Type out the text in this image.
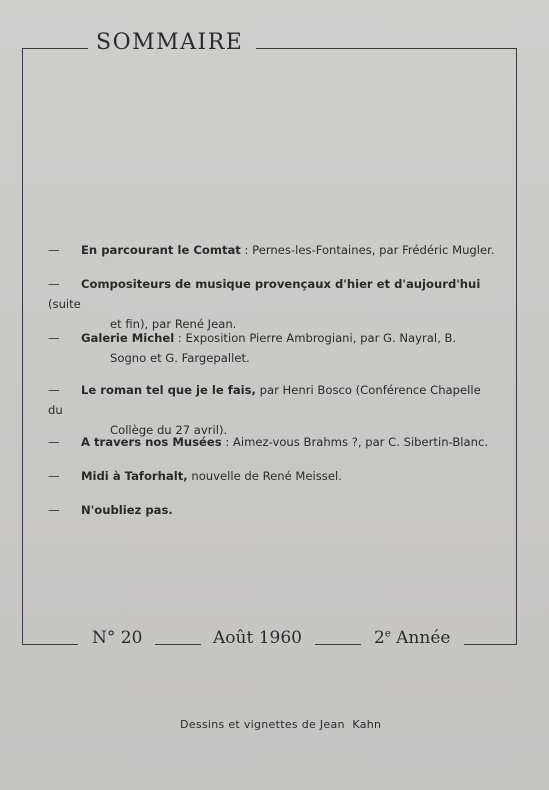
SOMMAIRE
—	En parcourant le Comtat : Pernes-les-Fontaines, par Frédéric Mugler.
—	Compositeurs de musique provençaux d'hier et d'aujourd'hui (suite
et fin), par René Jean.
—	Galerie Michel : Exposition Pierre Ambrogiani, par G. Nayral, B.
Sogno et G. Fargepallet.
—	Le roman tel que je le fais, par Henri Bosco (Conférence Chapelle du
Collège du 27 avril).
—	A travers nos Musées : Aimez-vous Brahms ?, par C. Sibertin-Blanc.
—	Midi à Taforhalt, nouvelle de René Meissel.
—	N'oubliez pas.
N° 20	Août 1960	2e Année
Dessins et vignettes de Jean  Kahn
